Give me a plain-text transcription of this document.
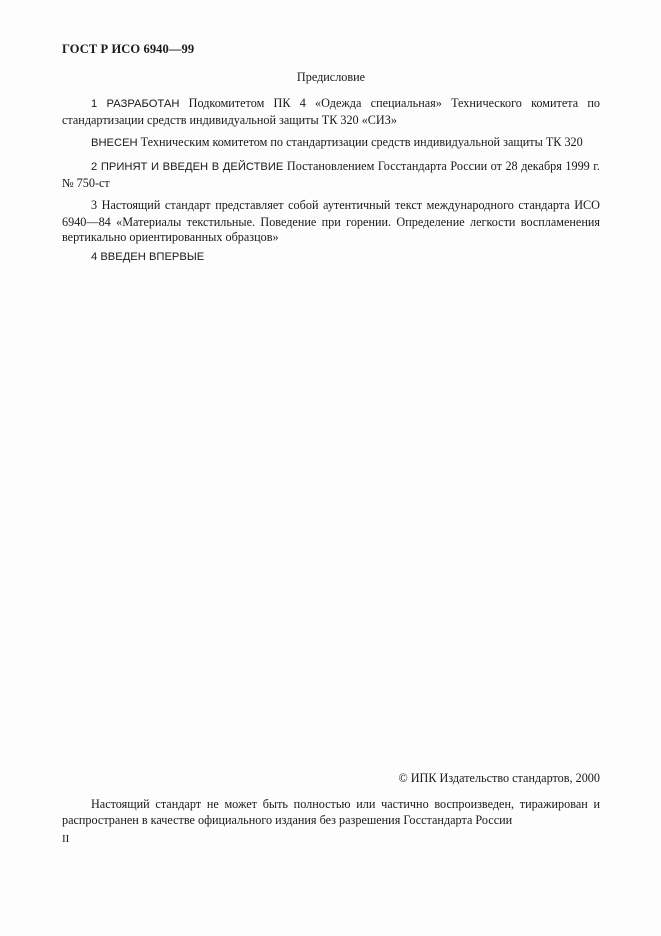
ГОСТ Р ИСО 6940—99
Предисловие
1 РАЗРАБОТАН Подкомитетом ПК 4 «Одежда специальная» Технического комитета по стандартизации средств индивидуальной защиты ТК 320 «СИЗ»
ВНЕСЕН Техническим комитетом по стандартизации средств индивидуальной защиты ТК 320
2 ПРИНЯТ И ВВЕДЕН В ДЕЙСТВИЕ Постановлением Госстандарта России от 28 декабря 1999 г. № 750-ст
3 Настоящий стандарт представляет собой аутентичный текст международного стандарта ИСО 6940—84 «Материалы текстильные. Поведение при горении. Определение легкости воспламенения вертикально ориентированных образцов»
4 ВВЕДЕН ВПЕРВЫЕ
© ИПК Издательство стандартов, 2000
Настоящий стандарт не может быть полностью или частично воспроизведен, тиражирован и распространен в качестве официального издания без разрешения Госстандарта России
II
